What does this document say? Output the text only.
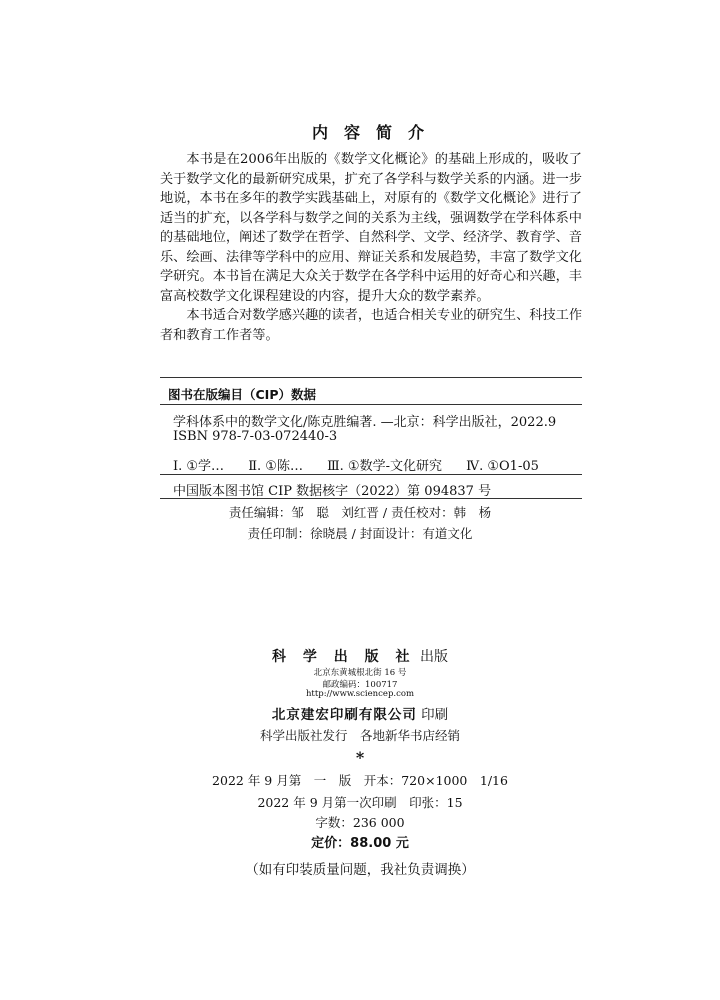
内容简介

本书是在2006年出版的《数学文化概论》的基础上形成的，吸收了关于数学文化的最新研究成果，扩充了各学科与数学关系的内涵。进一步地说，本书在多年的教学实践基础上，对原有的《数学文化概论》进行了适当的扩充，以各学科与数学之间的关系为主线，强调数学在学科体系中的基础地位，阐述了数学在哲学、自然科学、文学、经济学、教育学、音乐、绘画、法律等学科中的应用、辩证关系和发展趋势，丰富了数学文化学研究。本书旨在满足大众关于数学在各学科中运用的好奇心和兴趣，丰富高校数学文化课程建设的内容，提升大众的数学素养。

本书适合对数学感兴趣的读者，也适合相关专业的研究生、科技工作者和教育工作者等。

图书在版编目（CIP）数据
学科体系中的数学文化/陈克胜编著. —北京：科学出版社，2022.9
ISBN 978-7-03-072440-3
Ⅰ. ①学… Ⅱ. ①陈… Ⅲ. ①数学-文化研究 Ⅳ. ①O1-05
中国版本图书馆 CIP 数据核字（2022）第 094837 号
责任编辑：邹　聪　刘红晋 / 责任校对：韩　杨
责任印制：徐晓晨 / 封面设计：有道文化
科 学 出 版 社 出版
北京东黄城根北街 16 号
邮政编码：100717
http://www.sciencep.com
北京建宏印刷有限公司 印刷
科学出版社发行　各地新华书店经销
*
2022 年 9 月第　一　版　开本：720×1000　1/16
2022 年 9 月第一次印刷　印张：15
字数：236 000
定价：88.00 元
（如有印装质量问题，我社负责调换）
